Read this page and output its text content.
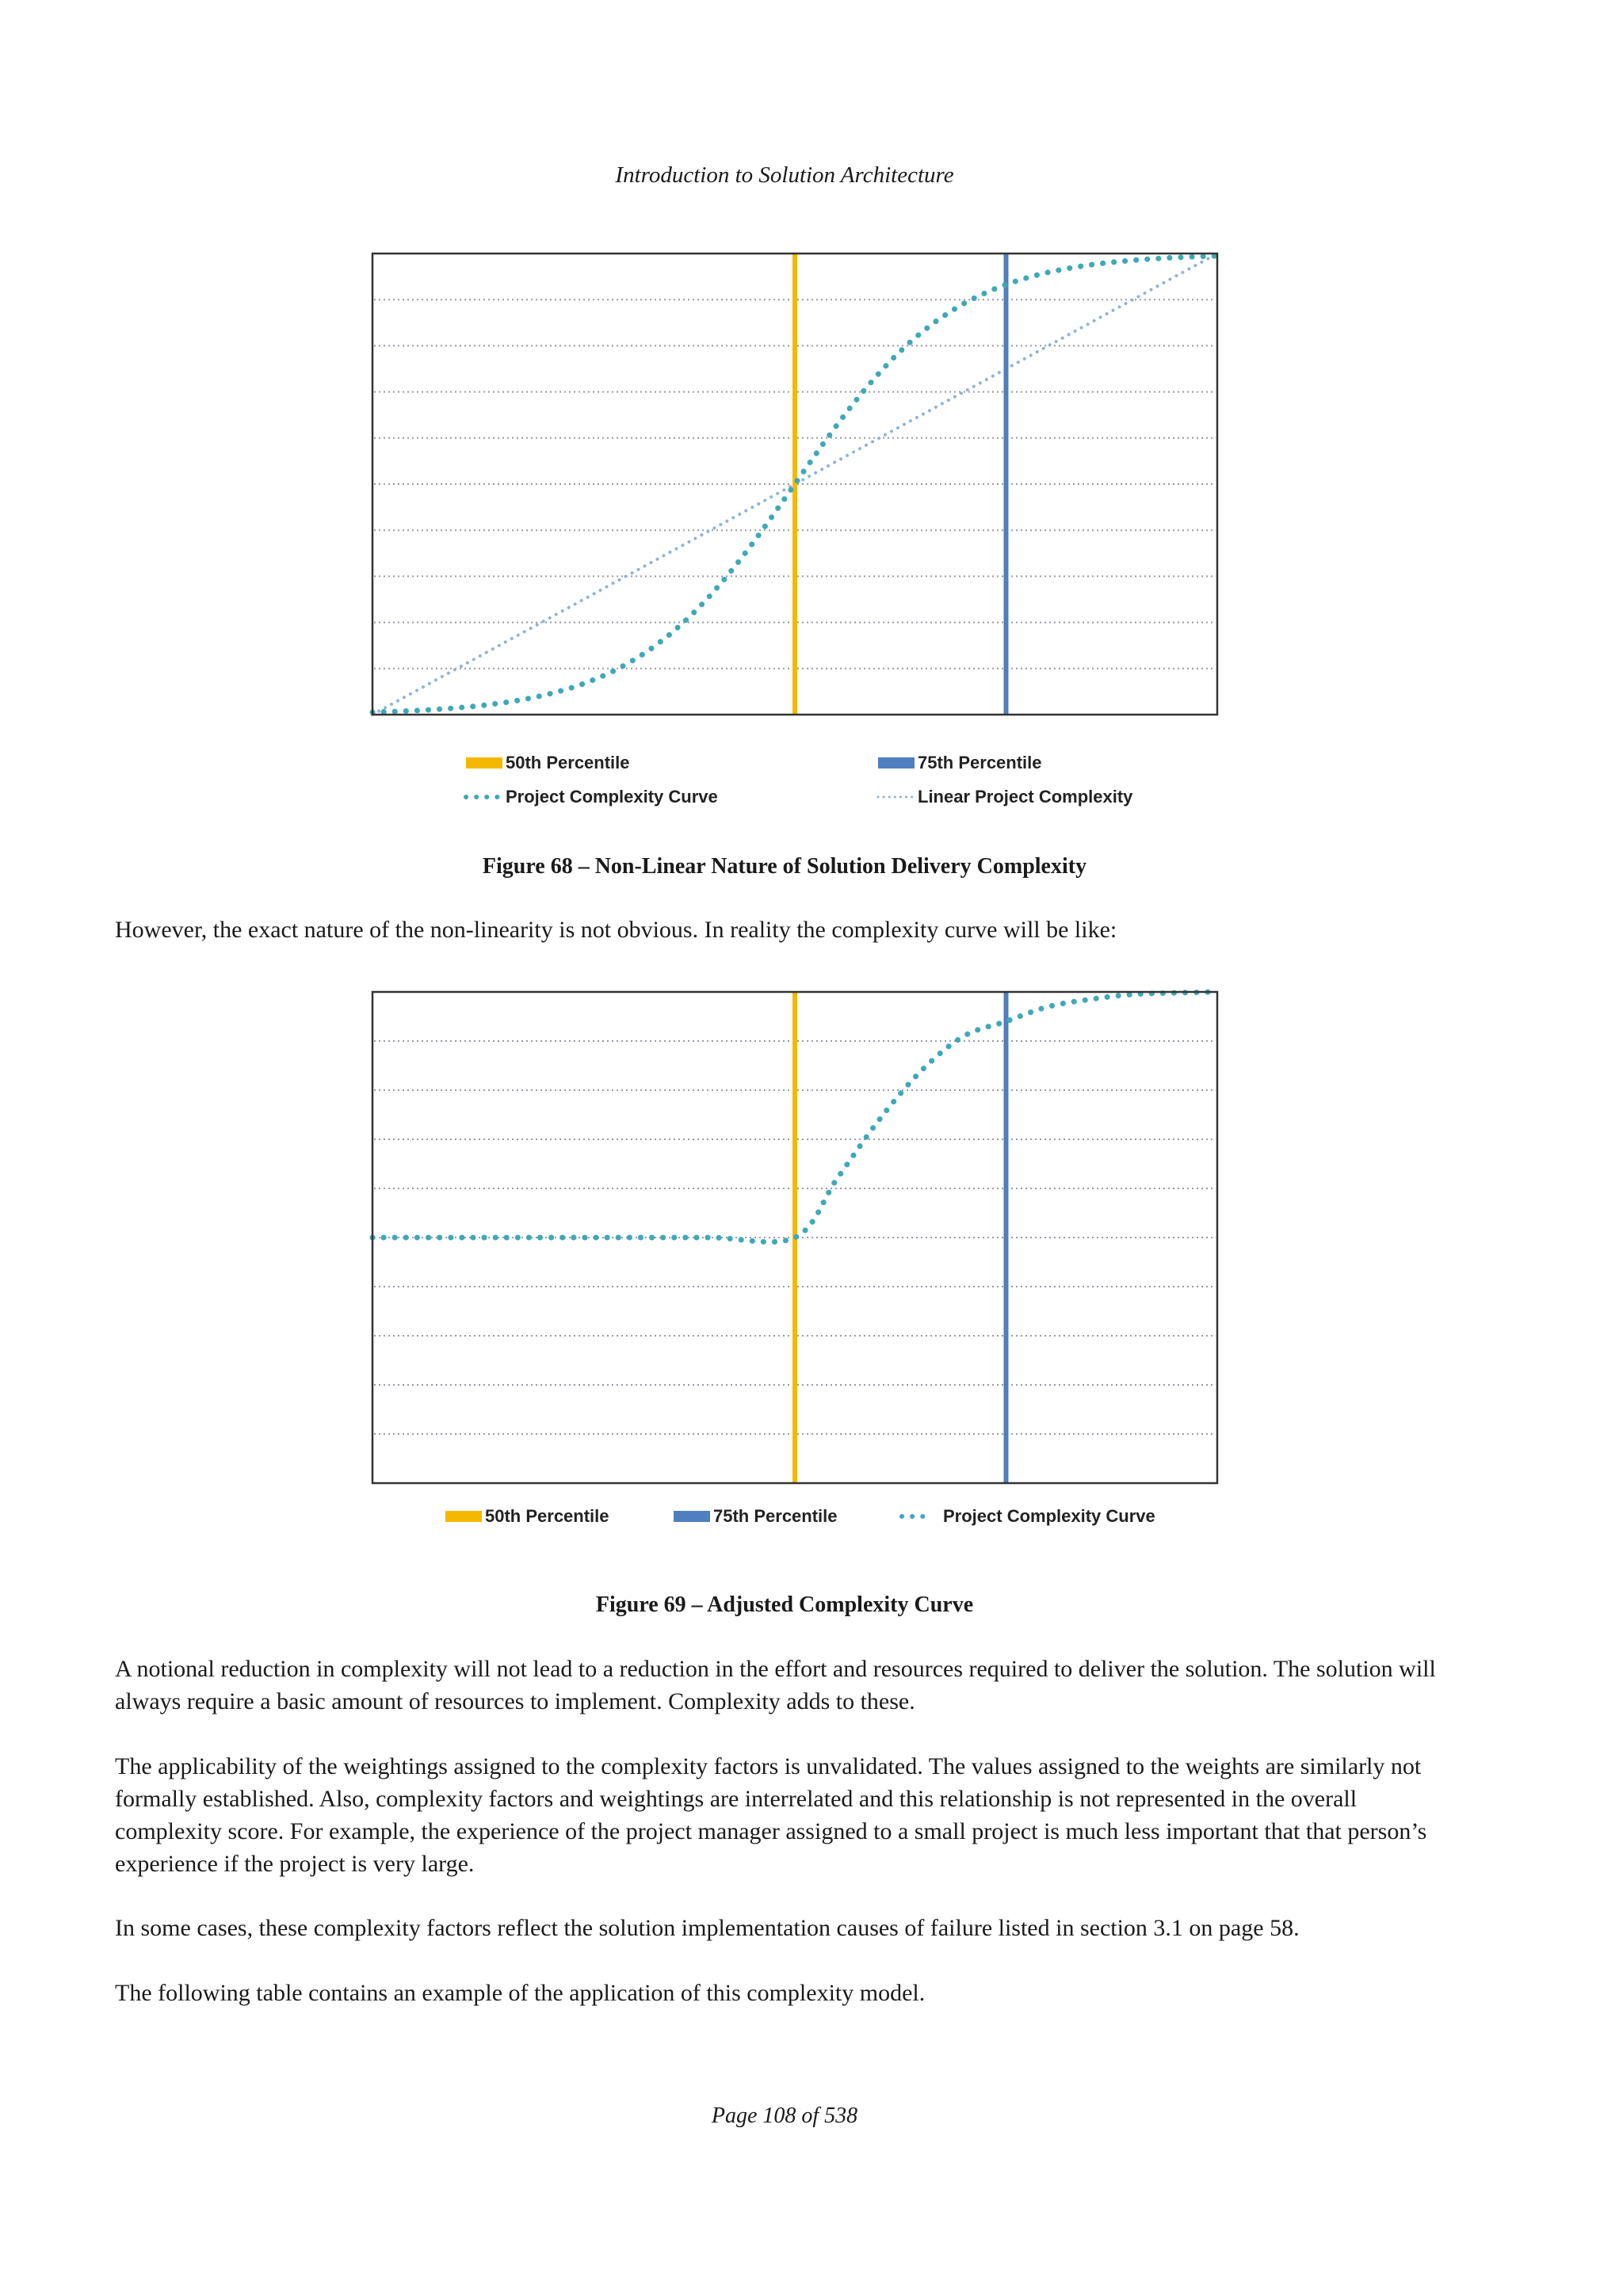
Introduction to Solution Architecture
50th Percentile	75th Percentile
Project Complexity Curve	Linear Project Complexity
Figure 68 – Non-Linear Nature of Solution Delivery Complexity
However, the exact nature of the non-linearity is not obvious. In reality the complexity curve will be like:
50th Percentile	75th Percentile	Project Complexity Curve
Figure 69 – Adjusted Complexity Curve
A notional reduction in complexity will not lead to a reduction in the effort and resources required to deliver the solution. The solution will always require a basic amount of resources to implement. Complexity adds to these.
The applicability of the weightings assigned to the complexity factors is unvalidated. The values assigned to the weights are similarly not formally established. Also, complexity factors and weightings are interrelated and this relationship is not represented in the overall complexity score. For example, the experience of the project manager assigned to a small project is much less important that that person’s experience if the project is very large.
In some cases, these complexity factors reflect the solution implementation causes of failure listed in section 3.1 on page 58.
The following table contains an example of the application of this complexity model.
Page 108 of 538
